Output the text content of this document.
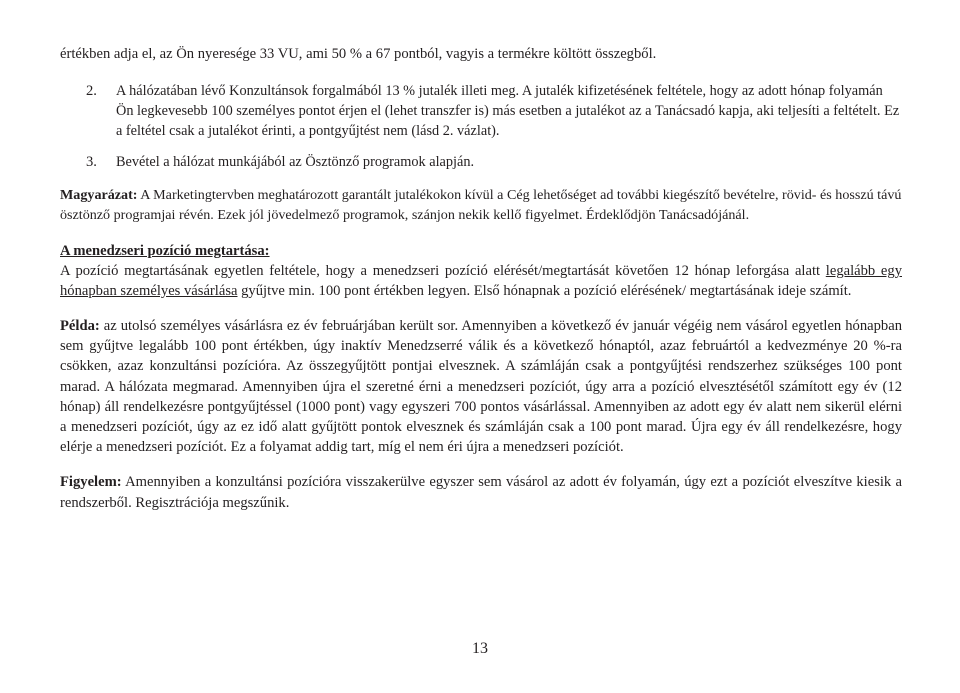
értékben adja el, az Ön nyeresége 33 VU, ami 50 % a 67 pontból, vagyis a termékre költött összegből.

2.	A hálózatában lévő Konzultánsok forgalmából 13 % jutalék illeti meg. A jutalék kifizetésének feltétele, hogy az adott hónap folyamán Ön legkevesebb 100 személyes pontot érjen el (lehet transzfer is) más esetben a jutalékot az a Tanácsadó kapja, aki teljesíti a feltételt. Ez a feltétel csak a jutalékot érinti, a pontgyűjtést nem (lásd 2. vázlat).
3.	Bevétel a hálózat munkájából az Ösztönző programok alapján.

Magyarázat: A Marketingtervben meghatározott garantált jutalékokon kívül a Cég lehetőséget ad további kiegészítő bevételre, rövid- és hosszú távú ösztönző programjai révén. Ezek jól jövedelmező programok, szánjon nekik kellő figyelmet. Érdeklődjön Tanácsadójánál.

A menedzseri pozíció megtartása:
A pozíció megtartásának egyetlen feltétele, hogy a menedzseri pozíció elérését/megtartását követően 12 hónap leforgása alatt legalább egy hónapban személyes vásárlása gyűjtve min. 100 pont értékben legyen. Első hónapnak a pozíció elérésének/ megtartásának ideje számít.

Példa: az utolsó személyes vásárlásra ez év februárjában került sor. Amennyiben a következő év január végéig nem vásárol egyetlen hónapban sem gyűjtve legalább 100 pont értékben, úgy inaktív Menedzserré válik és a következő hónaptól, azaz februártól a kedvezménye 20 %-ra csökken, azaz konzultánsi pozícióra. Az összegyűjtött pontjai elvesznek. A számláján csak a pontgyűjtési rendszerhez szükséges 100 pont marad. A hálózata megmarad. Amennyiben újra el szeretné érni a menedzseri pozíciót, úgy arra a pozíció elvesztésétől számított egy év (12 hónap) áll rendelkezésre pontgyűjtéssel (1000 pont) vagy egyszeri 700 pontos vásárlással. Amennyiben az adott egy év alatt nem sikerül elérni a menedzseri pozíciót, úgy az ez idő alatt gyűjtött pontok elvesznek és számláján csak a 100 pont marad. Újra egy év áll rendelkezésre, hogy elérje a menedzseri pozíciót. Ez a folyamat addig tart, míg el nem éri újra a menedzseri pozíciót.

Figyelem: Amennyiben a konzultánsi pozícióra visszakerülve egyszer sem vásárol az adott év folyamán, úgy ezt a pozíciót elveszítve kiesik a rendszerből. Regisztrációja megszűnik.

13
